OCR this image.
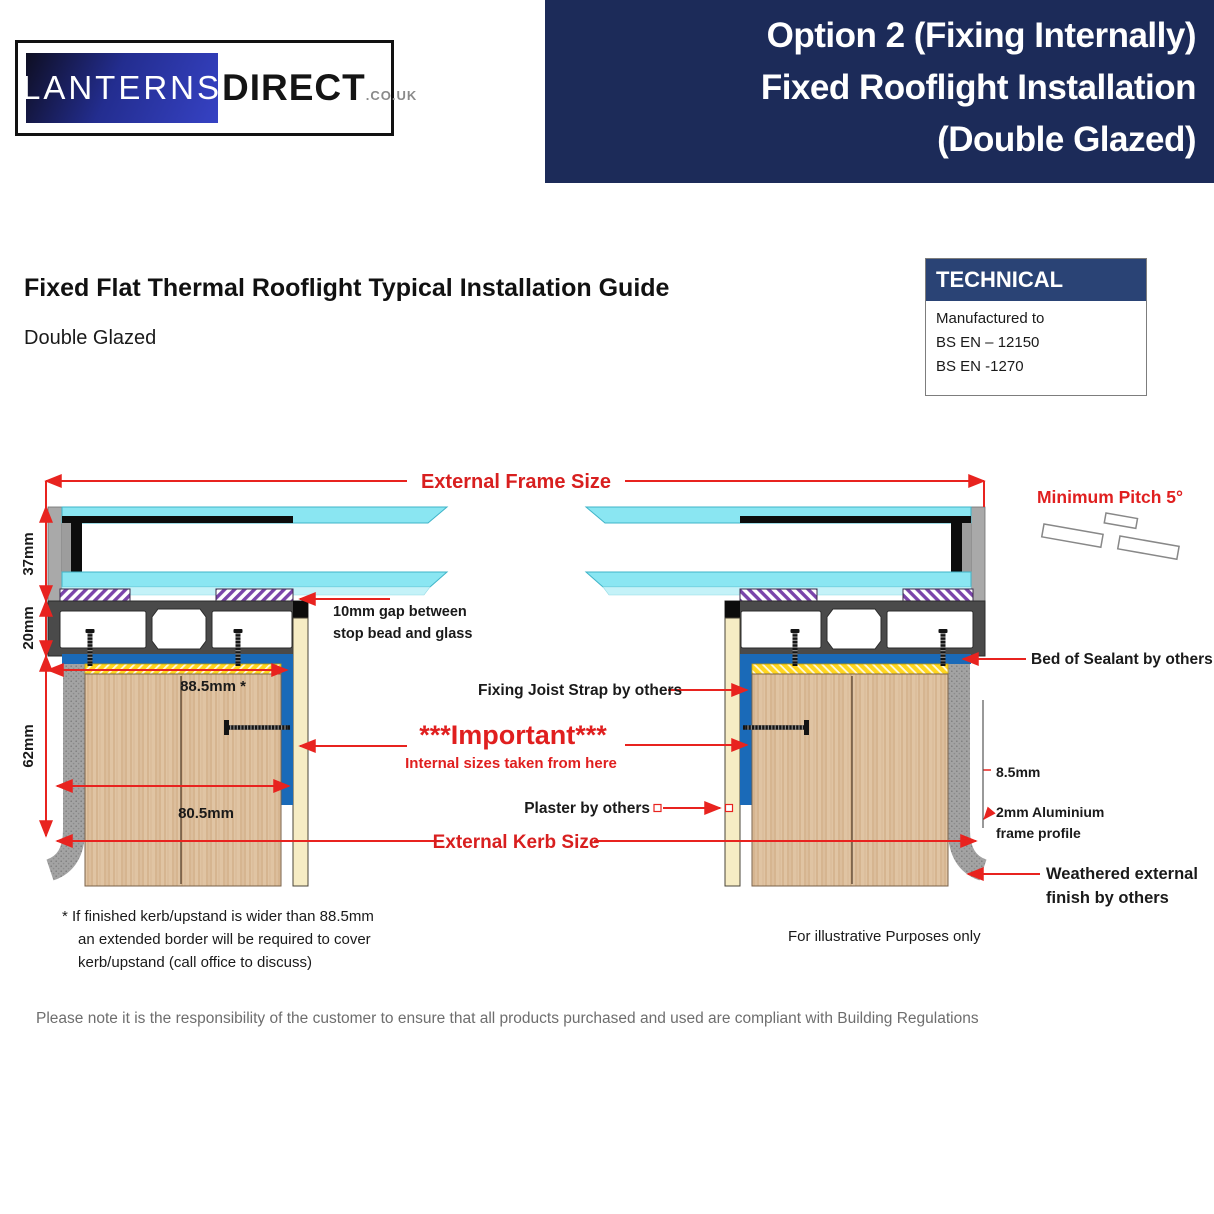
LANTERNS DIRECT .CO.UK
Option 2 (Fixing Internally)
Fixed Rooflight Installation
(Double Glazed)
Fixed Flat Thermal Rooflight Typical Installation Guide
Double Glazed
TECHNICAL
Manufactured to
BS EN – 12150
BS EN -1270
External Frame Size
37mm
20mm
62mm
88.5mm *
80.5mm
10mm gap between
stop bead and glass
Fixing Joist Strap by others
***Important***
Internal sizes taken from here
Plaster by others
External Kerb Size
Minimum Pitch 5°
Bed of Sealant by others
8.5mm
2mm Aluminium
frame profile
Weathered external
finish by others
* If finished kerb/upstand is wider than 88.5mm
an extended border will be required to cover
kerb/upstand (call office to discuss)
For illustrative Purposes only
Please note it is the responsibility of the customer to ensure that all products purchased and used are compliant with Building Regulations
